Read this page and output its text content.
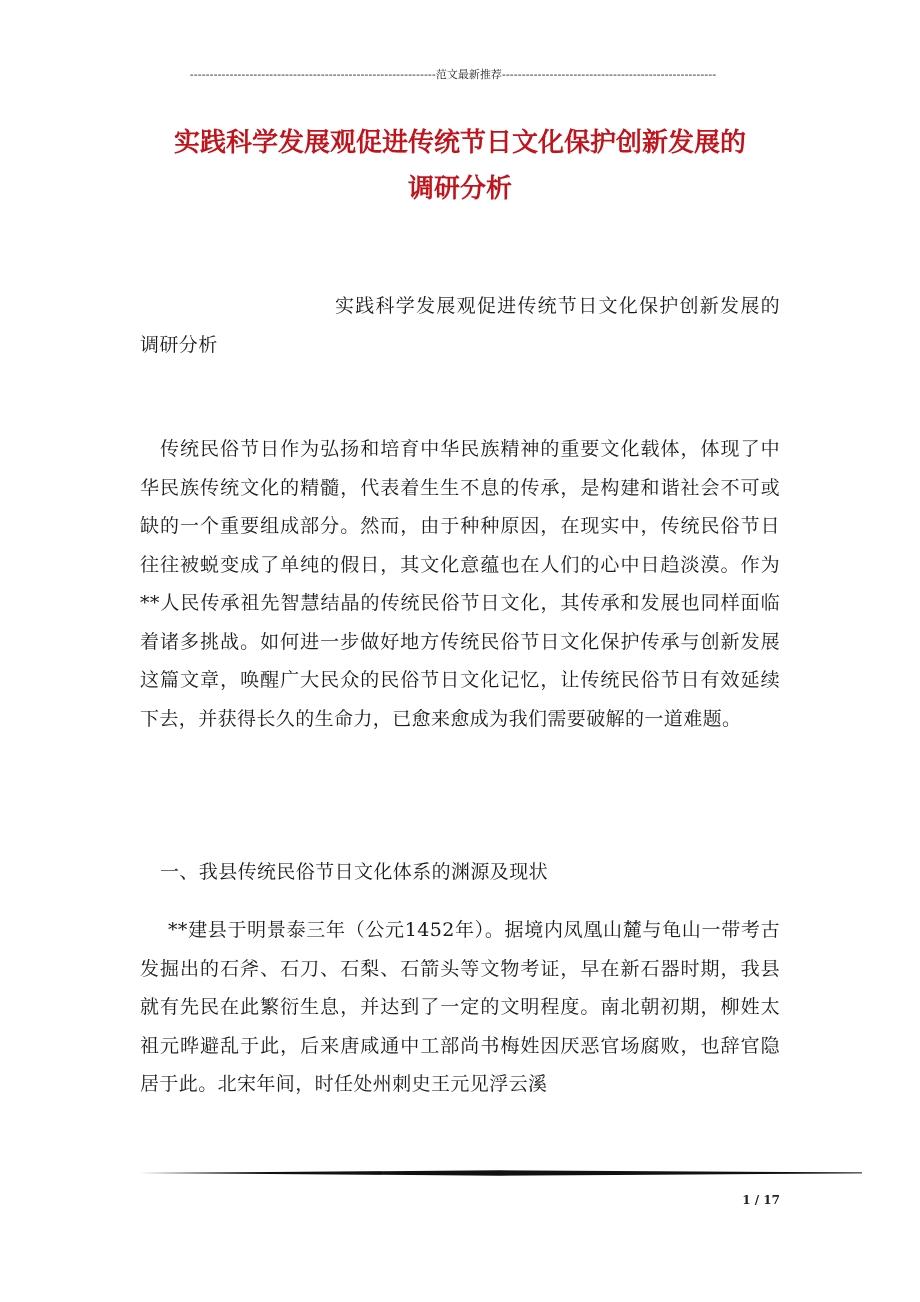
--------------------------------------------------------------范文最新推荐------------------------------------------------------
实践科学发展观促进传统节日文化保护创新发展的
调研分析

实践科学发展观促进传统节日文化保护创新发展的调研分析

传统民俗节日作为弘扬和培育中华民族精神的重要文化载体，体现了中华民族传统文化的精髓，代表着生生不息的传承，是构建和谐社会不可或缺的一个重要组成部分。然而，由于种种原因，在现实中，传统民俗节日往往被蜕变成了单纯的假日，其文化意蕴也在人们的心中日趋淡漠。作为**人民传承祖先智慧结晶的传统民俗节日文化，其传承和发展也同样面临着诸多挑战。如何进一步做好地方传统民俗节日文化保护传承与创新发展这篇文章，唤醒广大民众的民俗节日文化记忆，让传统民俗节日有效延续下去，并获得长久的生命力，已愈来愈成为我们需要破解的一道难题。

一、我县传统民俗节日文化体系的渊源及现状

**建县于明景泰三年（公元1452年）。据境内凤凰山麓与龟山一带考古发掘出的石斧、石刀、石梨、石箭头等文物考证，早在新石器时期，我县就有先民在此繁衍生息，并达到了一定的文明程度。南北朝初期，柳姓太祖元晔避乱于此，后来唐咸通中工部尚书梅姓因厌恶官场腐败，也辞官隐居于此。北宋年间，时任处州刺史王元见浮云溪

1 / 17
